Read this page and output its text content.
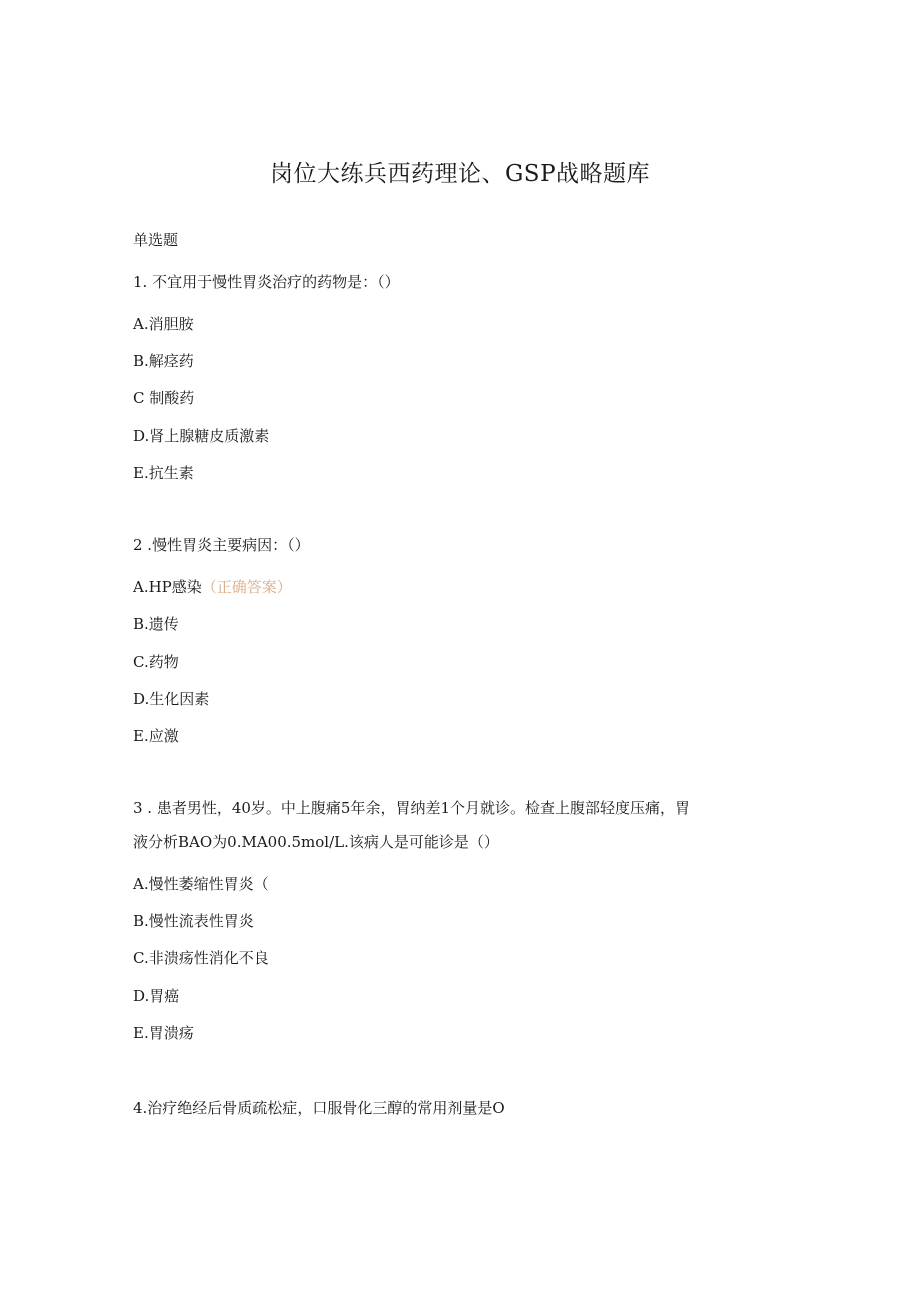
岗位大练兵西药理论、GSP战略题库
单选题
1. 不宜用于慢性胃炎治疗的药物是：（）
A.消胆胺
B.解痉药
C 制酸药
D.肾上腺糖皮质激素
E.抗生素
2 .慢性胃炎主要病因：（）
A.HP感染（正确答案）
B.遗传
C.药物
D.生化因素
E.应激
3 . 患者男性，40岁。中上腹痛5年余，胃纳差1个月就诊。检查上腹部轻度压痛，胃
液分析BAO为0.MA00.5mol/L.该病人是可能诊是（）
A.慢性萎缩性胃炎（
B.慢性流表性胃炎
C.非溃疡性消化不良
D.胃癌
E.胃溃疡
4.治疗绝经后骨质疏松症，口服骨化三醇的常用剂量是O
